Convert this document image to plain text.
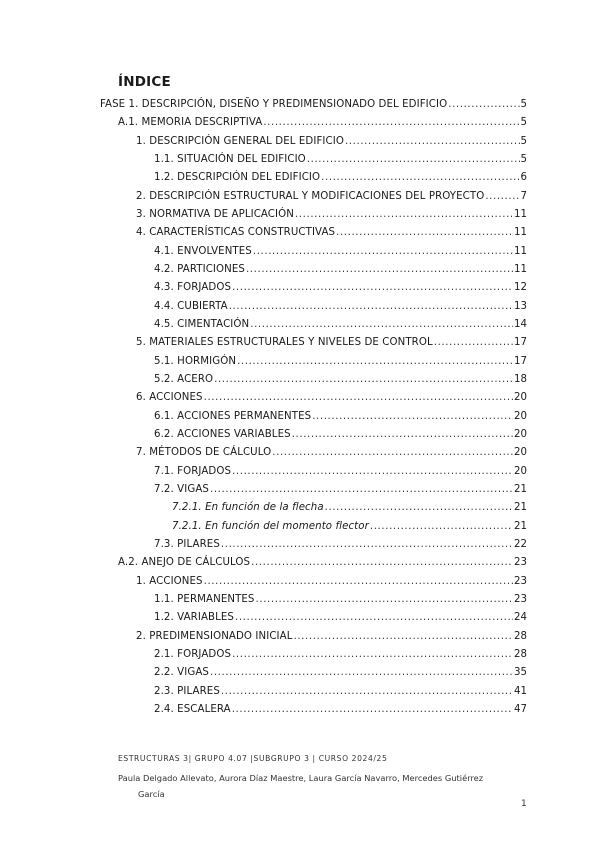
ÍNDICE
FASE 1. DESCRIPCIÓN, DISEÑO Y PREDIMENSIONADO DEL EDIFICIO .....	5
A.1. MEMORIA DESCRIPTIVA .....	5
1. DESCRIPCIÓN GENERAL DEL EDIFICIO .....	5
1.1. SITUACIÓN DEL EDIFICIO .....	5
1.2. DESCRIPCIÓN DEL EDIFICIO .....	6
2. DESCRIPCIÓN ESTRUCTURAL Y MODIFICACIONES DEL PROYECTO .....	7
3. NORMATIVA DE APLICACIÓN .....	11
4. CARACTERÍSTICAS CONSTRUCTIVAS .....	11
4.1. ENVOLVENTES .....	11
4.2. PARTICIONES .....	11
4.3. FORJADOS .....	12
4.4. CUBIERTA .....	13
4.5. CIMENTACIÓN .....	14
5. MATERIALES ESTRUCTURALES Y NIVELES DE CONTROL .....	17
5.1. HORMIGÓN .....	17
5.2. ACERO .....	18
6. ACCIONES .....	20
6.1. ACCIONES PERMANENTES .....	20
6.2. ACCIONES VARIABLES .....	20
7. MÉTODOS DE CÁLCULO .....	20
7.1. FORJADOS .....	20
7.2. VIGAS .....	21
7.2.1. En función de la flecha .....	21
7.2.1. En función del momento flector .....	21
7.3. PILARES .....	22
A.2. ANEJO DE CÁLCULOS .....	23
1. ACCIONES .....	23
1.1. PERMANENTES .....	23
1.2. VARIABLES .....	24
2. PREDIMENSIONADO INICIAL .....	28
2.1. FORJADOS .....	28
2.2. VIGAS .....	35
2.3. PILARES .....	41
2.4. ESCALERA .....	47
ESTRUCTURAS 3| GRUPO 4.07 |SUBGRUPO 3 | CURSO 2024/25
Paula Delgado Allevato, Aurora Díaz Maestre, Laura García Navarro, Mercedes Gutiérrez
García
1
